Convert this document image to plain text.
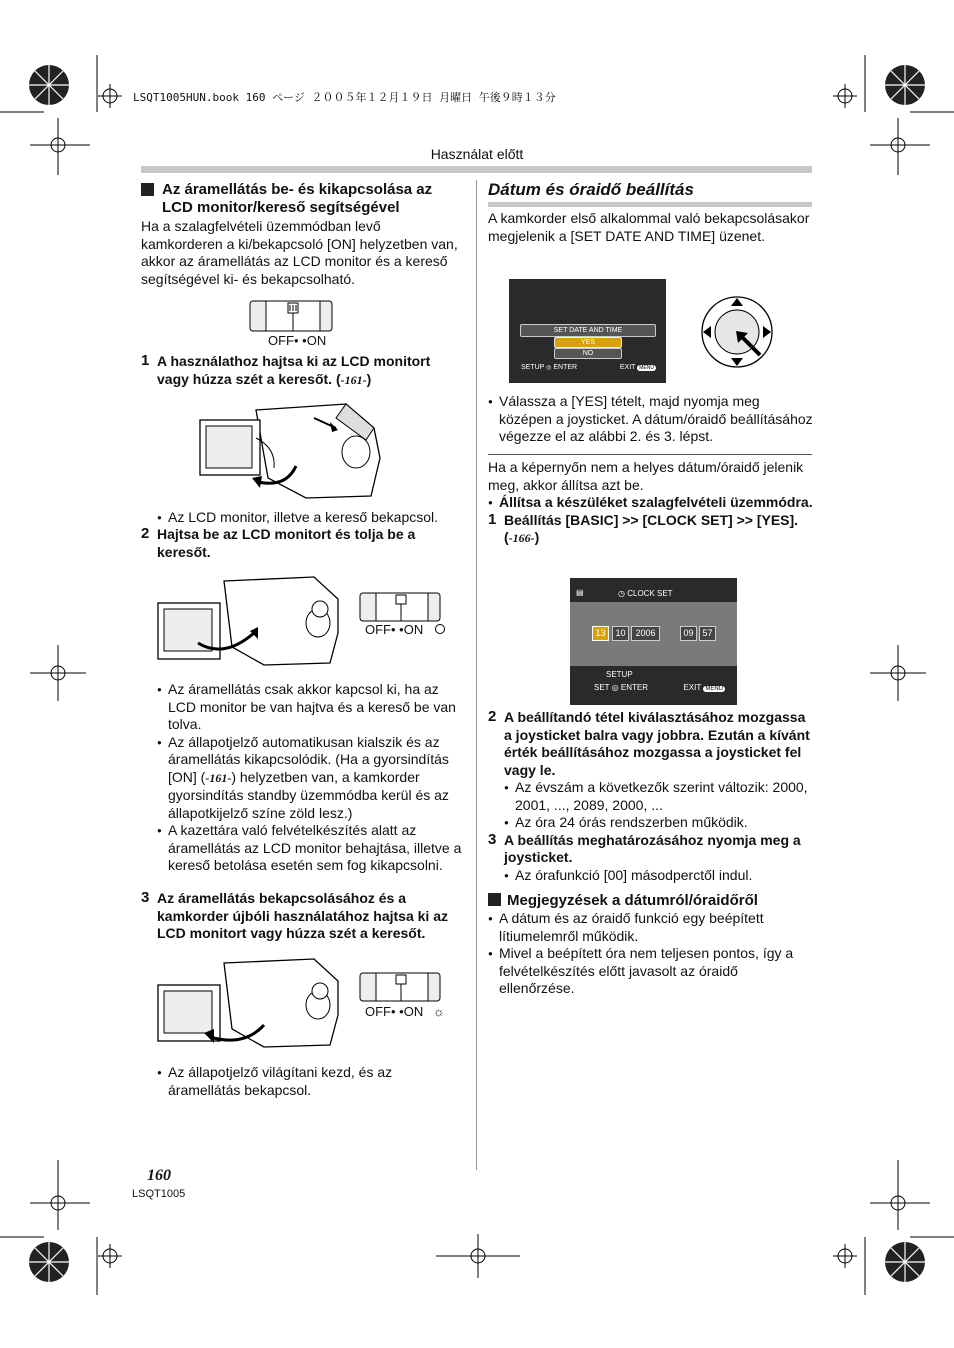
LSQT1005HUN.book 160 ページ ２００５年１２月１９日 月曜日 午後９時１３分
Használat előtt
Az áramellátás be- és kikapcsolása az LCD monitor/kereső segítségével

Ha a szalagfelvételi üzemmódban levő kamkorderen a ki/bekapcsoló [ON] helyzetben van, akkor az áramellátás az LCD monitor és a kereső segítségével ki- és bekapcsolható.

OFF• •ON

1 A használathoz hajtsa ki az LCD monitort vagy húzza szét a keresőt. (-161-)

● Az LCD monitor, illetve a kereső bekapcsol.

2 Hajtsa be az LCD monitort és tolja be a keresőt.

OFF• •ON

● Az áramellátás csak akkor kapcsol ki, ha az LCD monitor be van hajtva és a kereső be van tolva.

● Az állapotjelző automatikusan kialszik és az áramellátás kikapcsolódik. (Ha a gyorsindítás [ON] (-161-) helyzetben van, a kamkorder gyorsindítás standby üzemmódba kerül és az állapotkijelző színe zöld lesz.)

● A kazettára való felvételkészítés alatt az áramellátás az LCD monitor behajtása, illetve a kereső betolása esetén sem fog kikapcsolni.

3 Az áramellátás bekapcsolásához és a kamkorder újbóli használatához hajtsa ki az LCD monitort vagy húzza szét a keresőt.

OFF• •ON ☼

● Az állapotjelző világítani kezd, és az áramellátás bekapcsol.

Dátum és óraidő beállítás

A kamkorder első alkalommal való bekapcsolásakor megjelenik a [SET DATE AND TIME] üzenet.

SET DATE AND TIME
YES
NO
SETUP ◎ ENTER	EXIT MENU

● Válassza a [YES] tételt, majd nyomja meg középen a joysticket. A dátum/óraidő beállításához végezze el az alábbi 2. és 3. lépst.

Ha a képernyőn nem a helyes dátum/óraidő jelenik meg, akkor állítsa azt be.

● Állítsa a készüléket szalagfelvételi üzemmódra.

1 Beállítás [BASIC] >> [CLOCK SET] >> [YES]. (-166-)

▤	◷ CLOCK SET
13	10	2006	09 57
SETUP
SET ◎ ENTER	EXIT MENU

2 A beállítandó tétel kiválasztásához mozgassa a joysticket balra vagy jobbra. Ezután a kívánt érték beállításához mozgassa a joysticket fel vagy le.

● Az évszám a következők szerint változik: 2000, 2001, ..., 2089, 2000, ...

● Az óra 24 órás rendszerben működik.

3 A beállítás meghatározásához nyomja meg a joysticket.

● Az órafunkció [00] másodperctől indul.

Megjegyzések a dátumról/óraidőről

● A dátum és az óraidő funkció egy beépített lítiumelemről működik.

● Mivel a beépített óra nem teljesen pontos, így a felvételkészítés előtt javasolt az óraidő ellenőrzése.

160
LSQT1005
